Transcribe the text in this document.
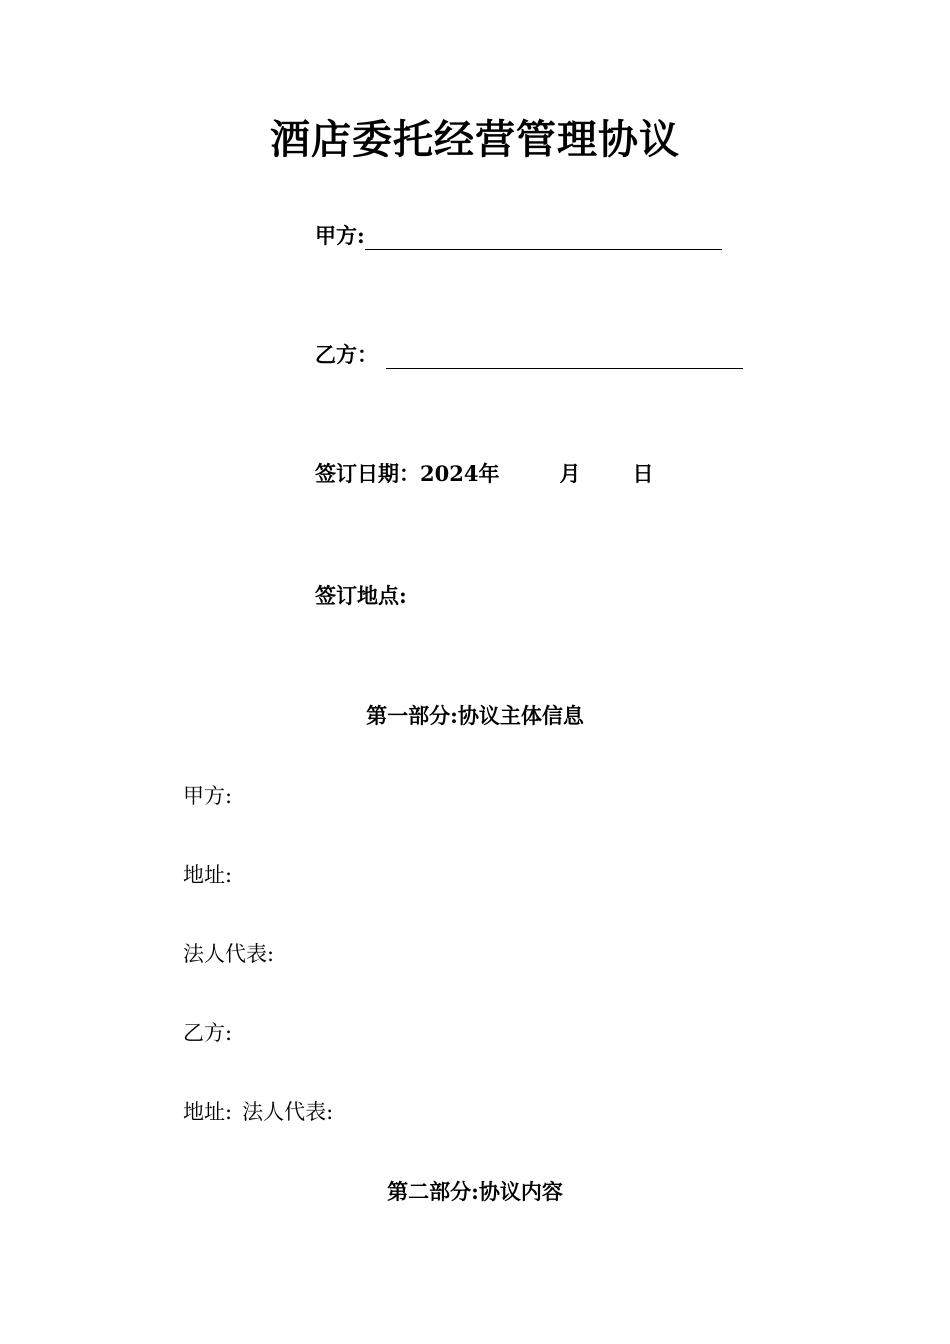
酒店委托经营管理协议
甲方:
乙方：
签订日期：2024年	月 日
签订地点:
第一部分:协议主体信息
甲方:
地址:
法人代表:
乙方:
地址: 法人代表:
第二部分:协议内容
